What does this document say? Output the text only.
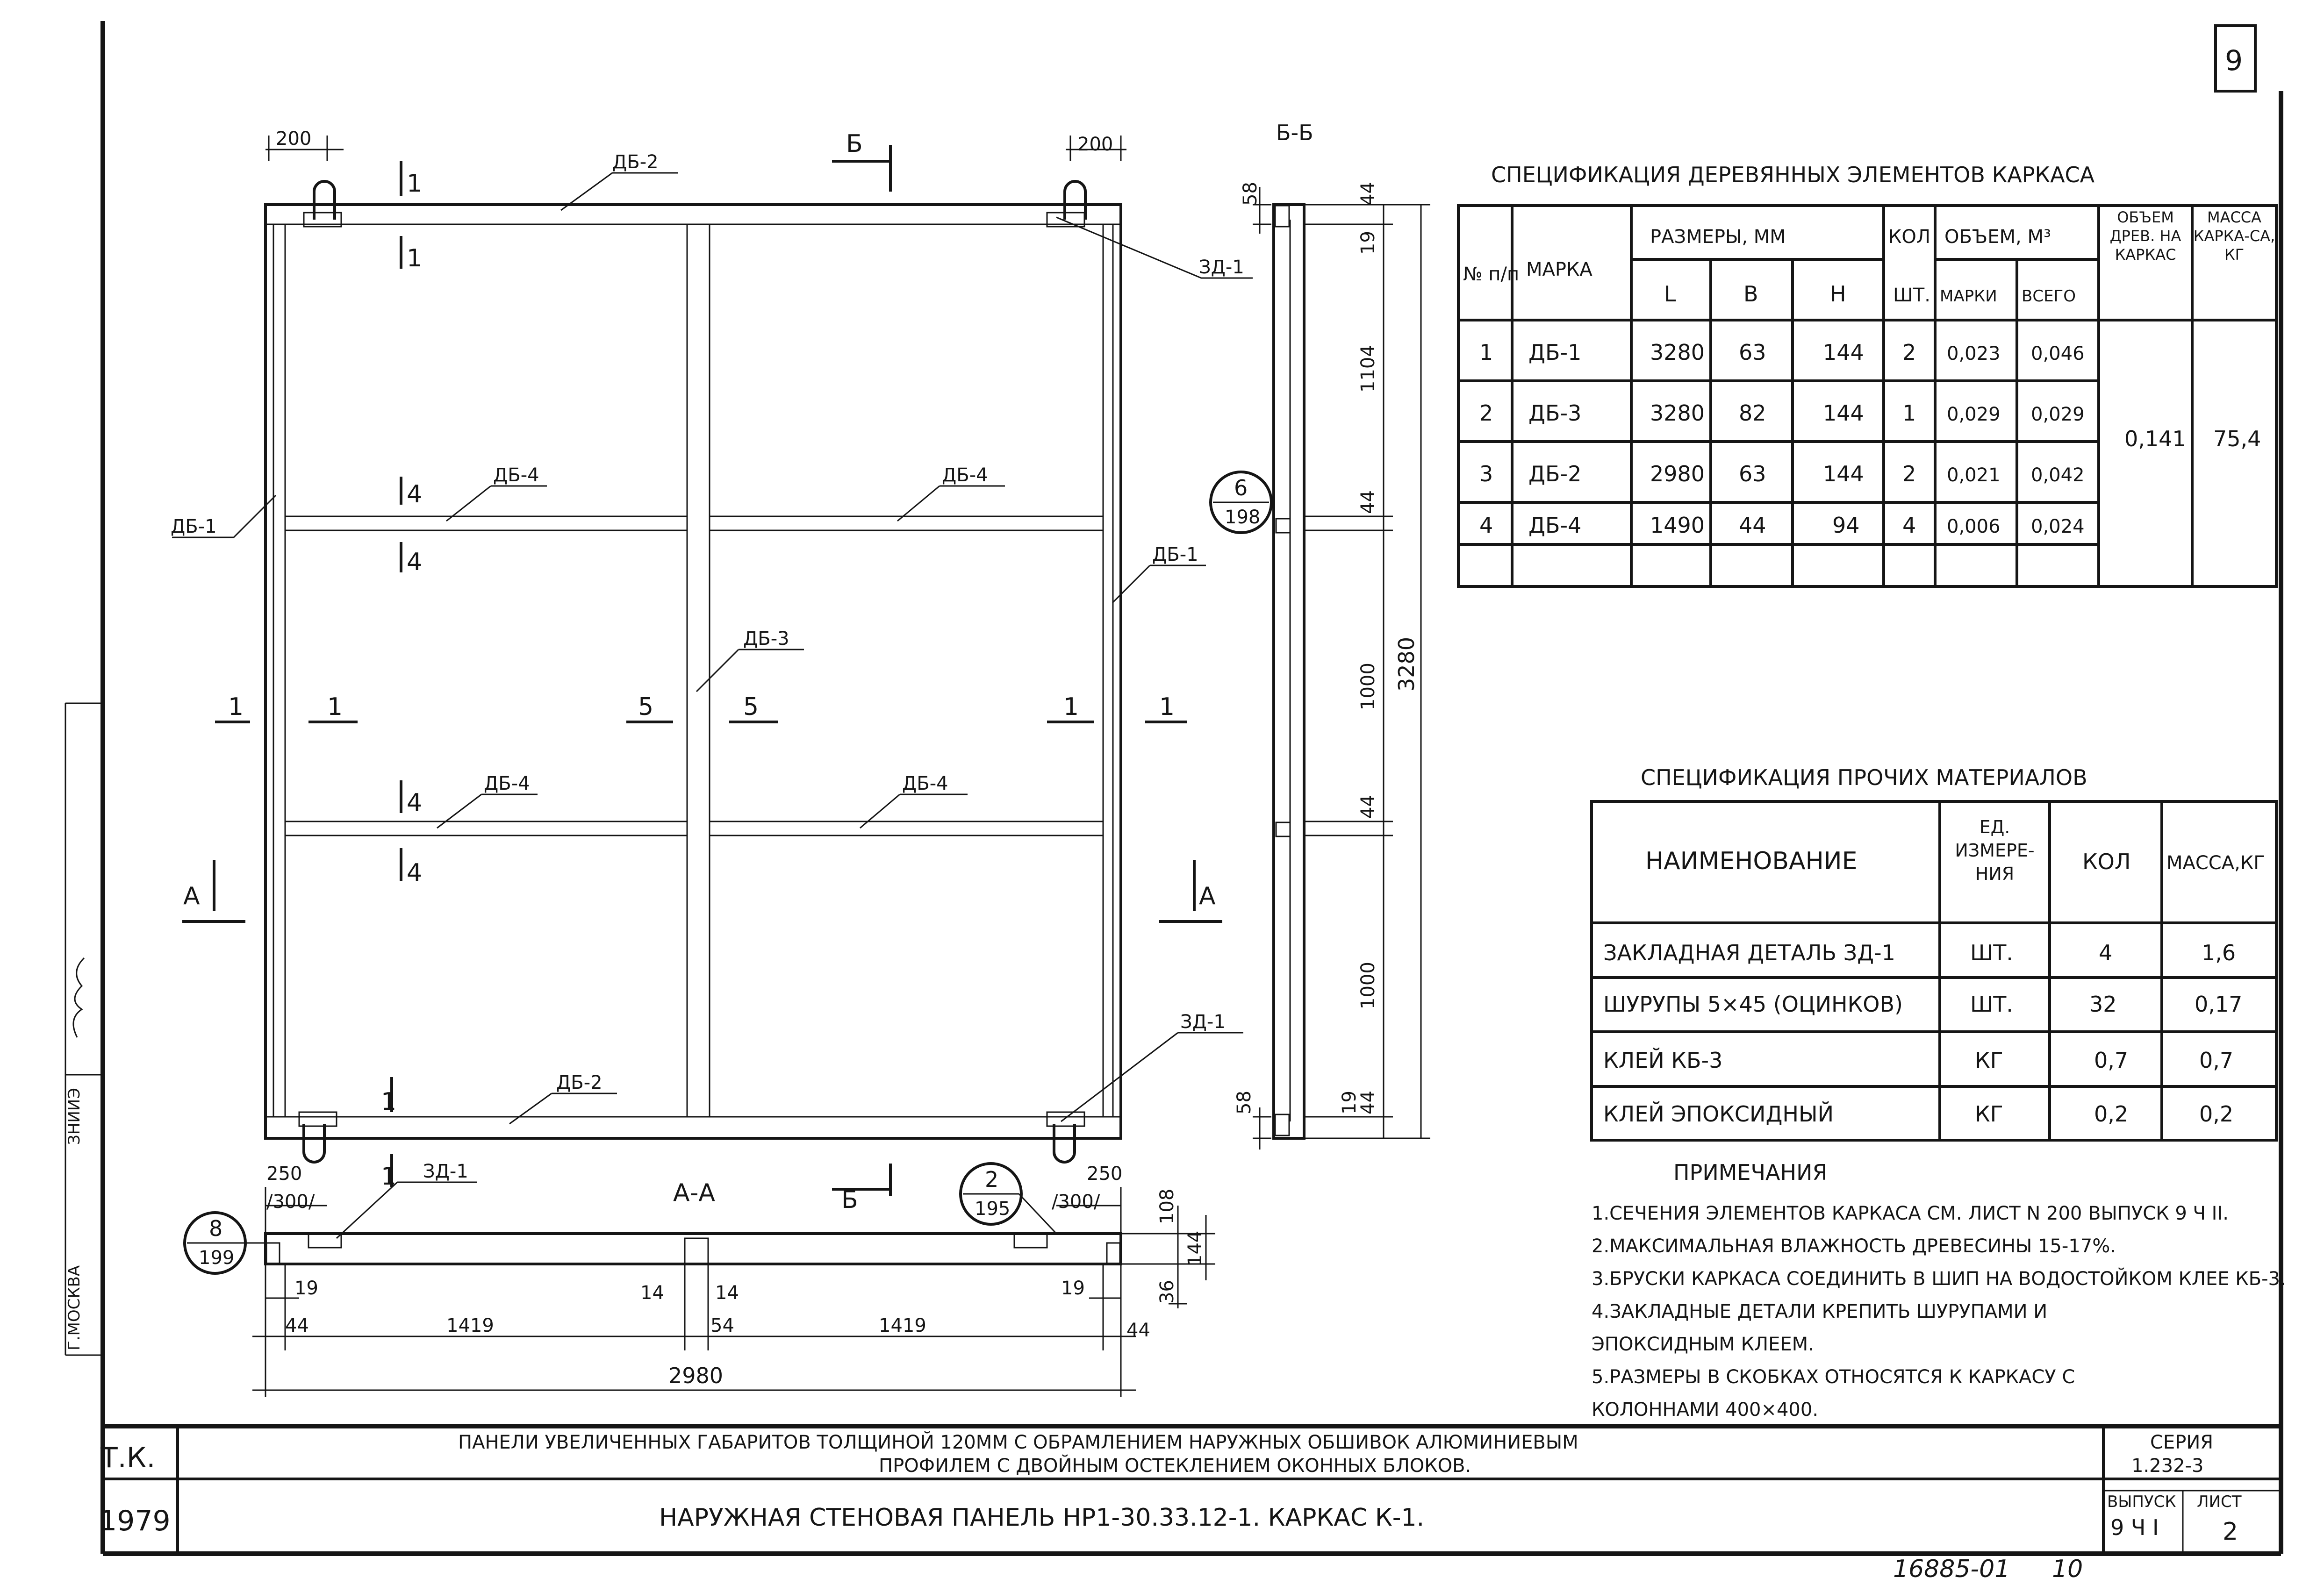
Г.МОСКВА
ЗНИИЭ
9
200	200
ДБ-2
ДБ-2
ДБ-4	ДБ-4
ДБ-4	ДБ-4
ДБ-3
ДБ-1
ДБ-1
ЗД-1
ЗД-1
Б
Б
А	А
1	1	5	5	1	1
4
4
4
4
1
1
1
1
Б-Б
58	44
19
1104
44
1000
44
1000
19
44
58
3280
6
198
А-А
250
/300/
250
/300/
ЗД-1
19
44	1419
14	14
54	1419
19
44
2980
108
144
36
8
199
2
195
СПЕЦИФИКАЦИЯ ДЕРЕВЯННЫХ ЭЛЕМЕНТОВ КАРКАСА
№ п/п МАРКА
РАЗМЕРЫ, ММ
L	В	Н
КОЛ
ШТ.
ОБЪЕМ, М³
МАРКИ ВСЕГО
ОБЪЕМ ДРЕВ. НА КАРКАС
МАССА КАРКА-СА, КГ
1 ДБ-1	3280 63	144 2 0,023 0,046
2 ДБ-3	3280 82	144 1 0,029 0,029
3 ДБ-2	2980 63	144 2 0,021 0,042
4 ДБ-4	1490 44	94 4 0,006 0,024
0,141 75,4
СПЕЦИФИКАЦИЯ ПРОЧИХ МАТЕРИАЛОВ
НАИМЕНОВАНИЕ
ЕД. ИЗМЕРЕ-НИЯ	КОЛ МАССА,КГ
ЗАКЛАДНАЯ ДЕТАЛЬ ЗД-1	ШТ.	4	1,6
ШУРУПЫ 5×45 (ОЦИНКОВ)	ШТ.	32	0,17
КЛЕЙ КБ-3	КГ	0,7	0,7
КЛЕЙ ЭПОКСИДНЫЙ	КГ	0,2	0,2
ПРИМЕЧАНИЯ
1.СЕЧЕНИЯ ЭЛЕМЕНТОВ КАРКАСА СМ. ЛИСТ N 200 ВЫПУСК 9 Ч II.
2.МАКСИМАЛЬНАЯ ВЛАЖНОСТЬ ДРЕВЕСИНЫ 15-17%.
3.БРУСКИ КАРКАСА СОЕДИНИТЬ В ШИП НА ВОДОСТОЙКОМ КЛЕЕ КБ-3.
4.ЗАКЛАДНЫЕ ДЕТАЛИ КРЕПИТЬ ШУРУПАМИ И
ЭПОКСИДНЫМ КЛЕЕМ.
5.РАЗМЕРЫ В СКОБКАХ ОТНОСЯТСЯ К КАРКАСУ С
КОЛОННАМИ 400×400.
Т.К.
1979
ПАНЕЛИ УВЕЛИЧЕННЫХ ГАБАРИТОВ ТОЛЩИНОЙ 120ММ С ОБРАМЛЕНИЕМ НАРУЖНЫХ ОБШИВОК АЛЮМИНИЕВЫМ
ПРОФИЛЕМ С ДВОЙНЫМ ОСТЕКЛЕНИЕМ ОКОННЫХ БЛОКОВ.
НАРУЖНАЯ СТЕНОВАЯ ПАНЕЛЬ НР1-30.33.12-1. КАРКАС К-1.
СЕРИЯ
1.232-3
ВЫПУСК
9 Ч I
ЛИСТ
2
16885-01 10
